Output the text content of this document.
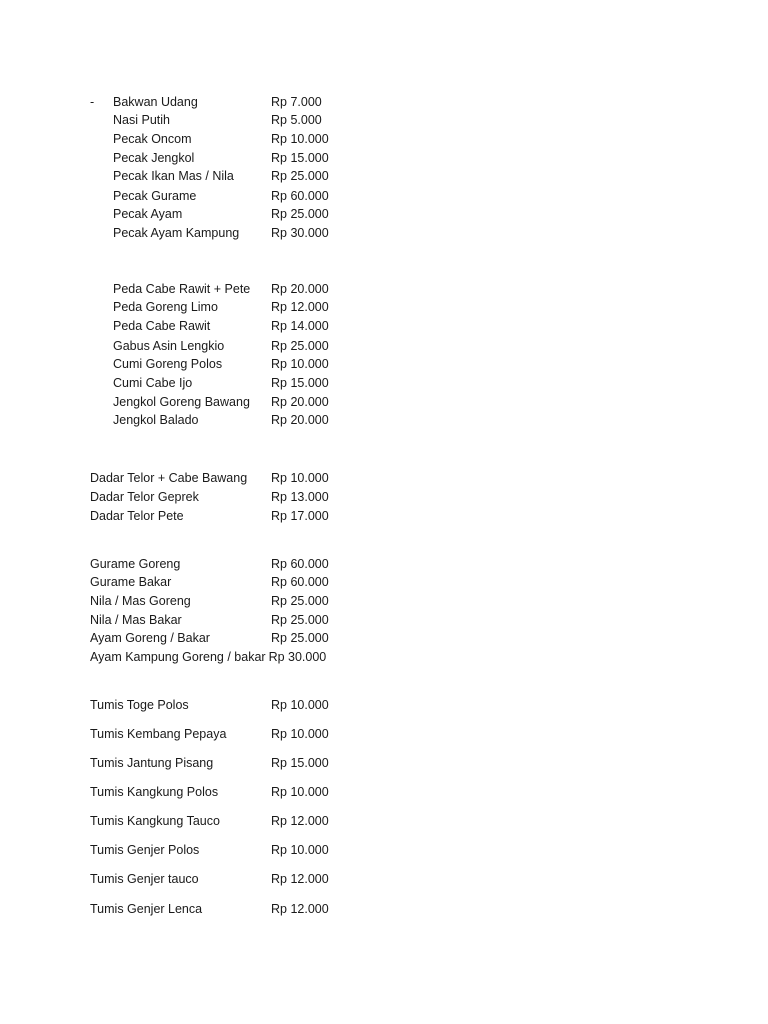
- Bakwan Udang	Rp 7.000
Nasi Putih	Rp 5.000
Pecak Oncom	Rp 10.000
Pecak Jengkol	Rp 15.000
Pecak Ikan Mas / Nila	Rp 25.000
Pecak Gurame	Rp 60.000
Pecak Ayam	Rp 25.000
Pecak Ayam Kampung	Rp 30.000
Peda Cabe Rawit + Pete Rp 20.000
Peda Goreng Limo	Rp 12.000
Peda Cabe Rawit	Rp 14.000
Gabus Asin Lengkio	Rp 25.000
Cumi Goreng Polos	Rp 10.000
Cumi Cabe Ijo	Rp 15.000
Jengkol Goreng Bawang Rp 20.000
Jengkol Balado	Rp 20.000
Dadar Telor + Cabe Bawang Rp 10.000
Dadar Telor Geprek	Rp 13.000
Dadar Telor Pete	Rp 17.000
Gurame Goreng	Rp 60.000
Gurame Bakar	Rp 60.000
Nila / Mas Goreng	Rp 25.000
Nila / Mas Bakar	Rp 25.000
Ayam Goreng / Bakar	Rp 25.000
Ayam Kampung Goreng / bakar Rp 30.000
Tumis Toge Polos	Rp 10.000
Tumis Kembang Pepaya	Rp 10.000
Tumis Jantung Pisang	Rp 15.000
Tumis Kangkung Polos	Rp 10.000
Tumis Kangkung Tauco	Rp 12.000
Tumis Genjer Polos	Rp 10.000
Tumis Genjer tauco	Rp 12.000
Tumis Genjer Lenca	Rp 12.000
